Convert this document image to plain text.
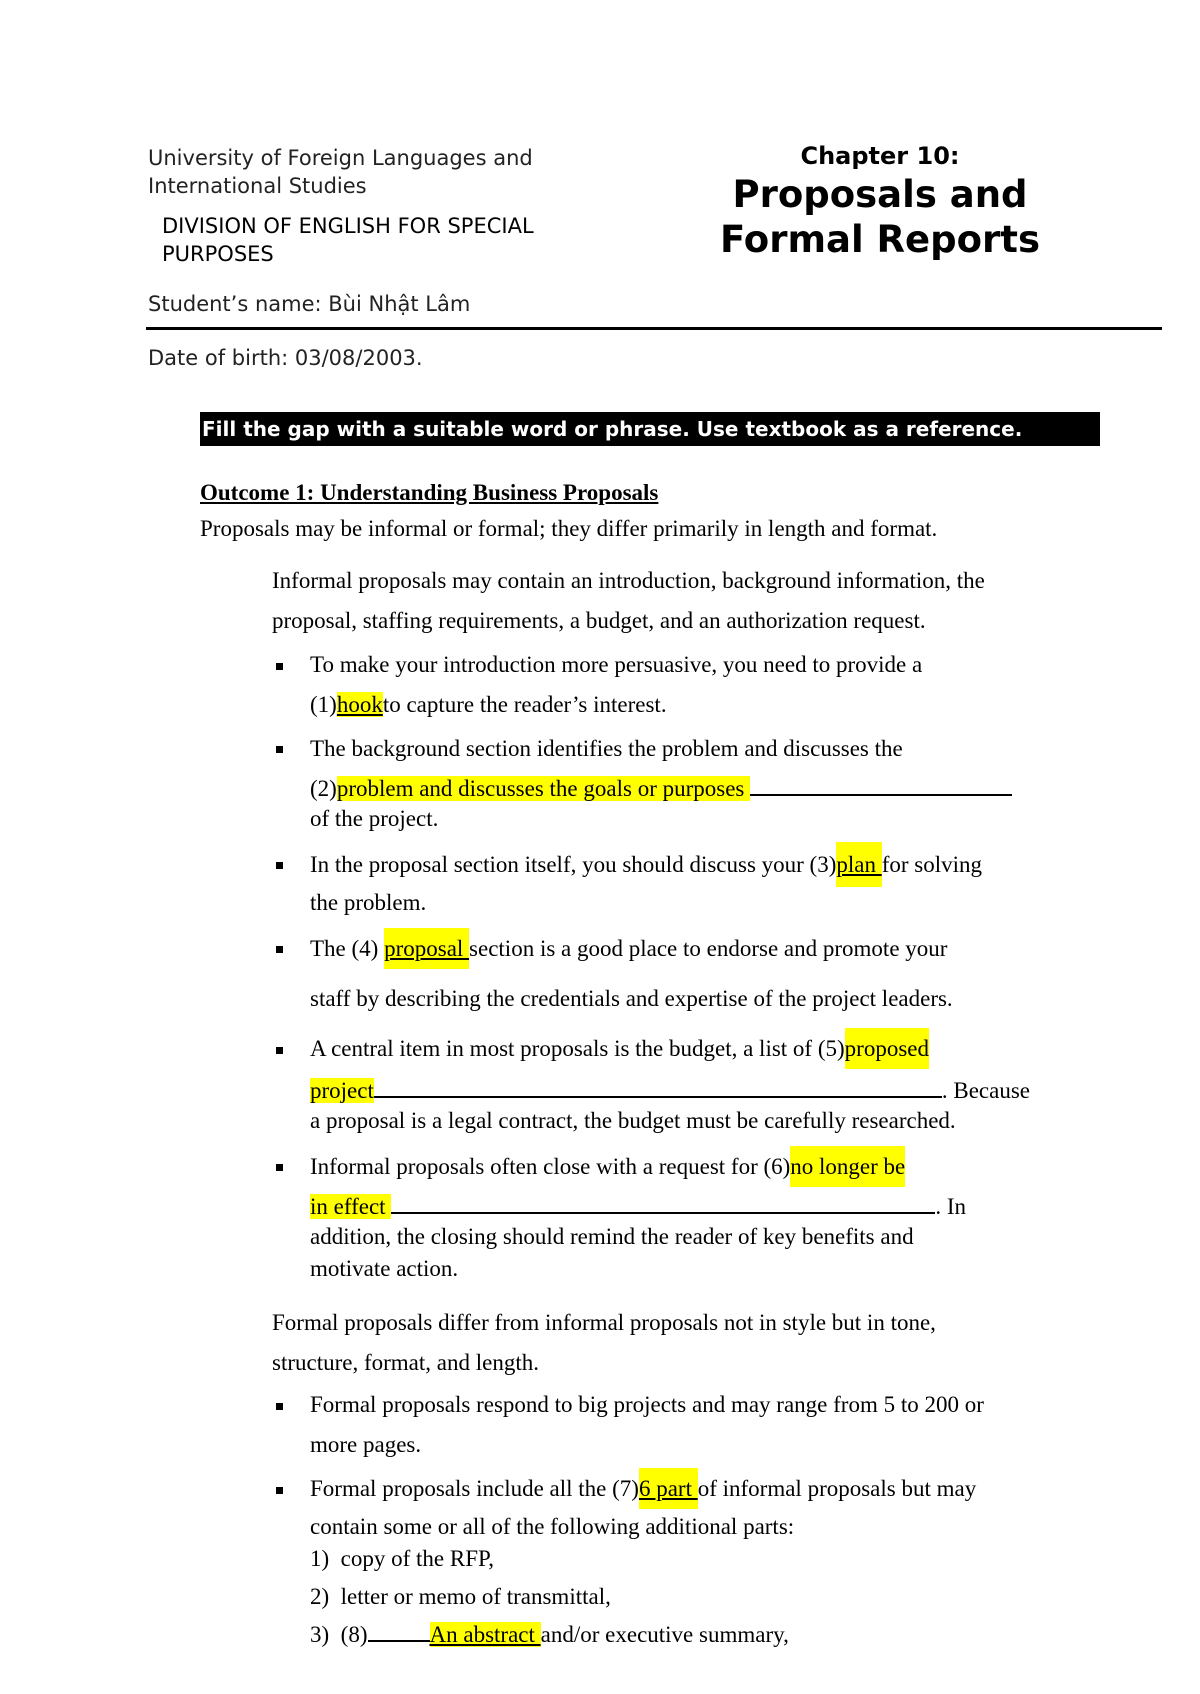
University of Foreign Languages and International Studies
DIVISION OF ENGLISH FOR SPECIAL PURPOSES
Chapter 10:
Proposals and Formal Reports
Student’s name: Bùi Nhật Lâm
Date of birth: 03/08/2003.
Fill the gap with a suitable word or phrase. Use textbook as a reference.
Outcome 1: Understanding Business Proposals
Proposals may be informal or formal; they differ primarily in length and format.
Informal proposals may contain an introduction, background information, the
proposal, staffing requirements, a budget, and an authorization request.
To make your introduction more persuasive, you need to provide a
(1)hookto capture the reader’s interest.
The background section identifies the problem and discusses the
(2)problem and discusses the goals or purposes
of the project.
In the proposal section itself, you should discuss your (3)plan for solving
the problem.
The (4) proposal section is a good place to endorse and promote your
staff by describing the credentials and expertise of the project leaders.
A central item in most proposals is the budget, a list of (5)proposed
project	. Because
a proposal is a legal contract, the budget must be carefully researched.
Informal proposals often close with a request for (6)no longer be
in effect	. In
addition, the closing should remind the reader of key benefits and
motivate action.
Formal proposals differ from informal proposals not in style but in tone,
structure, format, and length.
Formal proposals respond to big projects and may range from 5 to 200 or
more pages.
Formal proposals include all the (7)6 part of informal proposals but may
contain some or all of the following additional parts:
1) copy of the RFP,
2) letter or memo of transmittal,
3) (8)	An abstract and/or executive summary,
